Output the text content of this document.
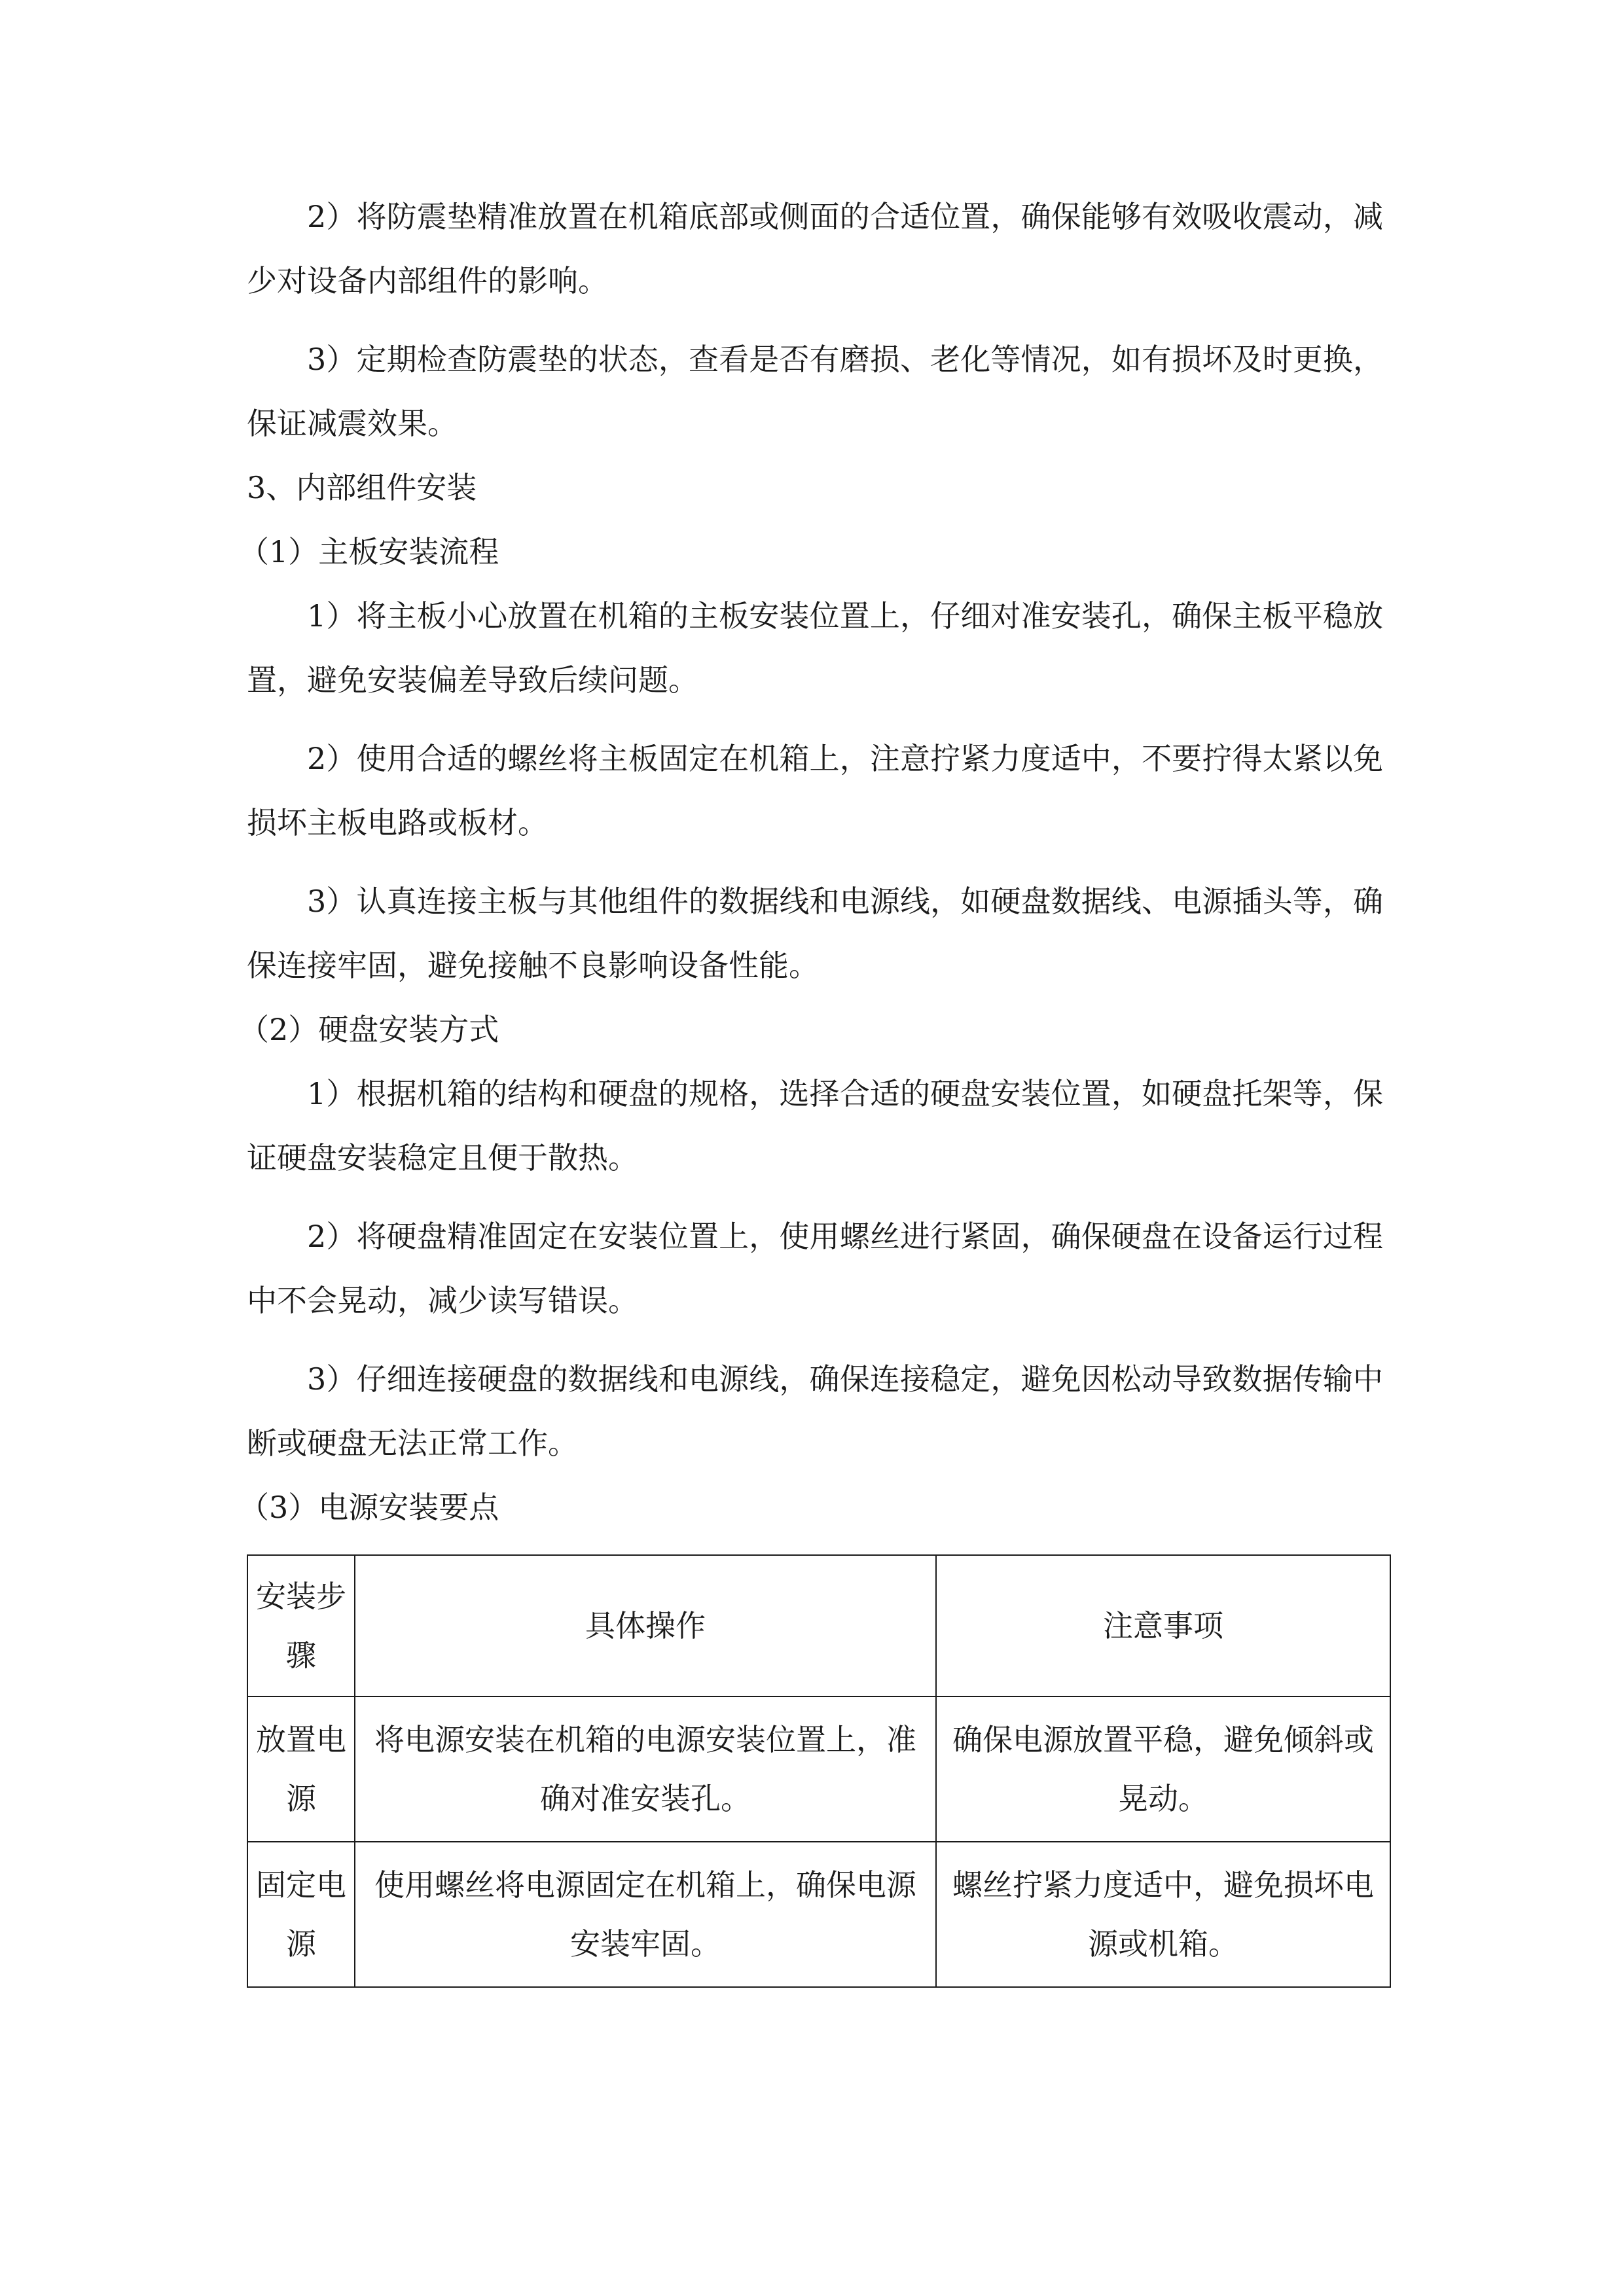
2）将防震垫精准放置在机箱底部或侧面的合适位置，确保能够有效吸收震动，减少对设备内部组件的影响。

3）定期检查防震垫的状态，查看是否有磨损、老化等情况，如有损坏及时更换，保证减震效果。

3、内部组件安装

（1）主板安装流程

1）将主板小心放置在机箱的主板安装位置上，仔细对准安装孔，确保主板平稳放置，避免安装偏差导致后续问题。

2）使用合适的螺丝将主板固定在机箱上，注意拧紧力度适中，不要拧得太紧以免损坏主板电路或板材。

3）认真连接主板与其他组件的数据线和电源线，如硬盘数据线、电源插头等，确保连接牢固，避免接触不良影响设备性能。

（2）硬盘安装方式

1）根据机箱的结构和硬盘的规格，选择合适的硬盘安装位置，如硬盘托架等，保证硬盘安装稳定且便于散热。

2）将硬盘精准固定在安装位置上，使用螺丝进行紧固，确保硬盘在设备运行过程中不会晃动，减少读写错误。

3）仔细连接硬盘的数据线和电源线，确保连接稳定，避免因松动导致数据传输中断或硬盘无法正常工作。

（3）电源安装要点

安装步骤	具体操作	注意事项
放置电源	将电源安装在机箱的电源安装位置上，准确对准安装孔。	确保电源放置平稳，避免倾斜或晃动。
固定电源	使用螺丝将电源固定在机箱上，确保电源安装牢固。	螺丝拧紧力度适中，避免损坏电源或机箱。
